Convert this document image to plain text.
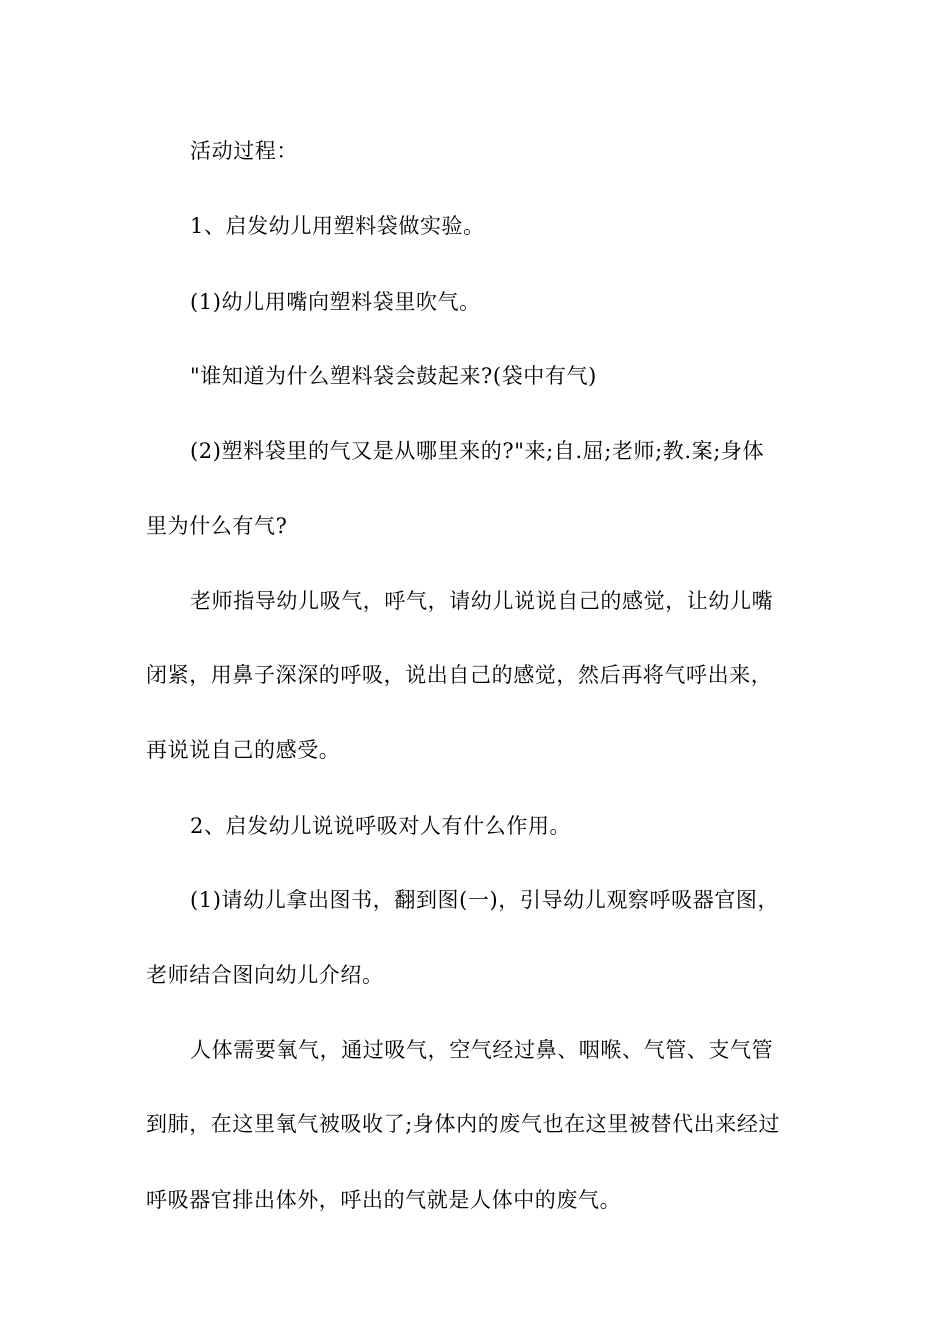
活动过程：
1、启发幼儿用塑料袋做实验。
(1)幼儿用嘴向塑料袋里吹气。
"谁知道为什么塑料袋会鼓起来?(袋中有气)
(2)塑料袋里的气又是从哪里来的?"来;自.屈;老师;教.案;身体
里为什么有气?
老师指导幼儿吸气，呼气，请幼儿说说自己的感觉，让幼儿嘴
闭紧，用鼻子深深的呼吸，说出自己的感觉，然后再将气呼出来，
再说说自己的感受。
2、启发幼儿说说呼吸对人有什么作用。
(1)请幼儿拿出图书，翻到图(一)，引导幼儿观察呼吸器官图，
老师结合图向幼儿介绍。
人体需要氧气，通过吸气，空气经过鼻、咽喉、气管、支气管
到肺，在这里氧气被吸收了;身体内的废气也在这里被替代出来经过
呼吸器官排出体外，呼出的气就是人体中的废气。
